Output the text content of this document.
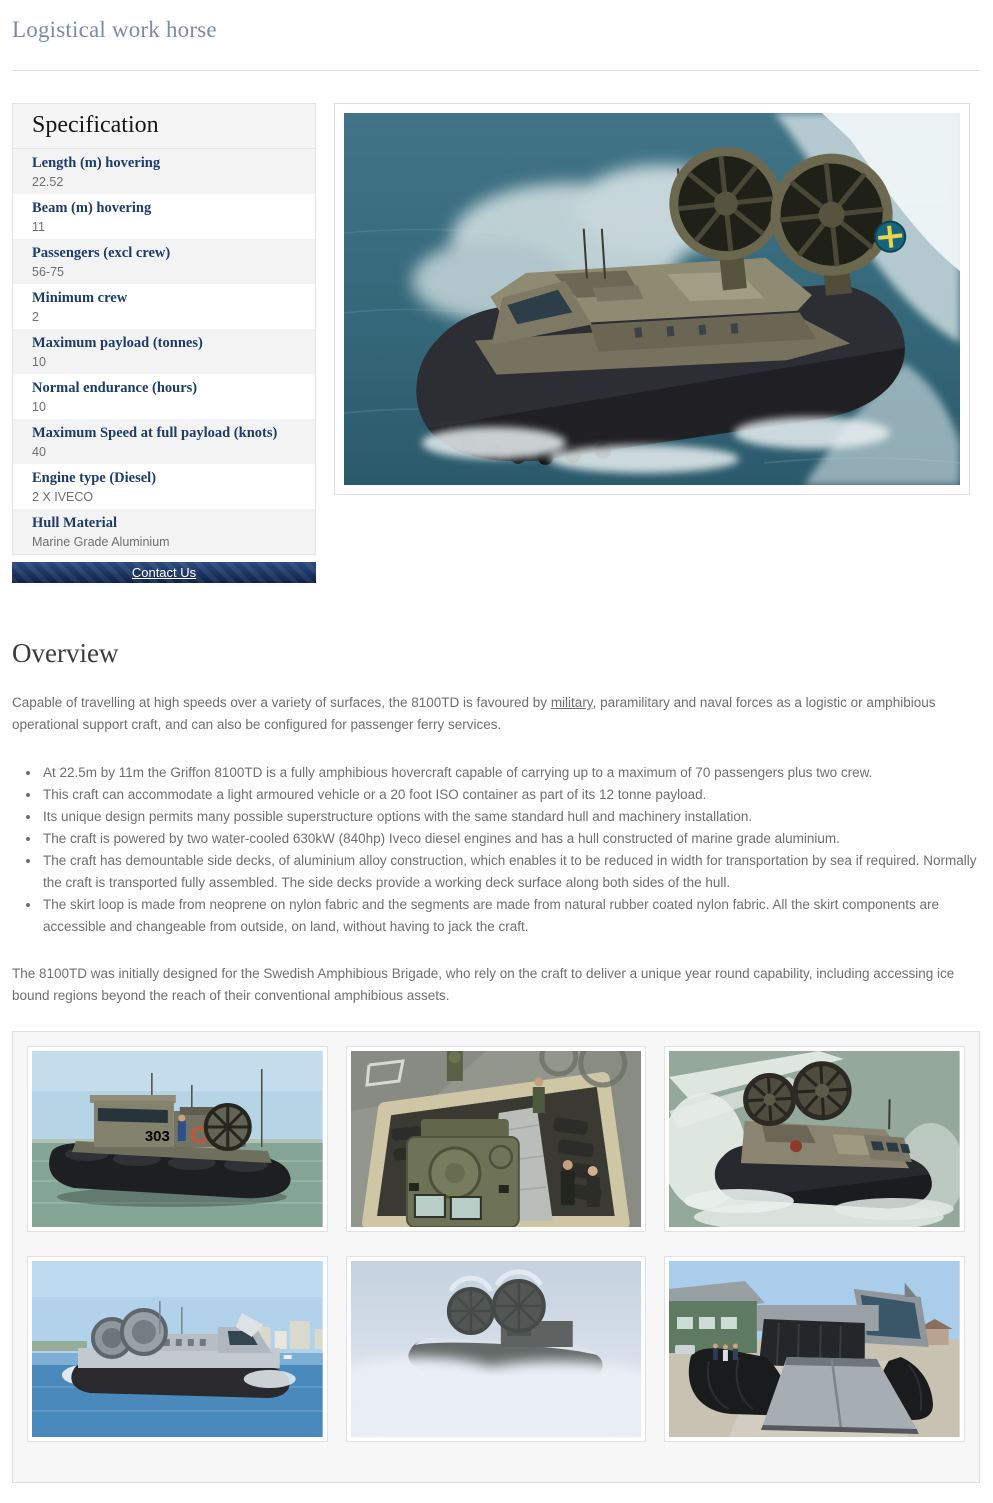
Logistical work horse
Specification
Length (m) hovering
22.52
Beam (m) hovering
11
Passengers (excl crew)
56-75
Minimum crew
2
Maximum payload (tonnes)
10
Normal endurance (hours)
10
Maximum Speed at full payload (knots)
40
Engine type (Diesel)
2 X IVECO
Hull Material
Marine Grade Aluminium
Contact Us
Overview

Capable of travelling at high speeds over a variety of surfaces, the 8100TD is favoured by military, paramilitary and naval forces as a logistic or amphibious operational support craft, and can also be configured for passenger ferry services.

• At 22.5m by 11m the Griffon 8100TD is a fully amphibious hovercraft capable of carrying up to a maximum of 70 passengers plus two crew.
• This craft can accommodate a light armoured vehicle or a 20 foot ISO container as part of its 12 tonne payload.
• Its unique design permits many possible superstructure options with the same standard hull and machinery installation.
• The craft is powered by two water-cooled 630kW (840hp) Iveco diesel engines and has a hull constructed of marine grade aluminium.
• The craft has demountable side decks, of aluminium alloy construction, which enables it to be reduced in width for transportation by sea if required. Normally the craft is transported fully assembled. The side decks provide a working deck surface along both sides of the hull.
• The skirt loop is made from neoprene on nylon fabric and the segments are made from natural rubber coated nylon fabric. All the skirt components are accessible and changeable from outside, on land, without having to jack the craft.

The 8100TD was initially designed for the Swedish Amphibious Brigade, who rely on the craft to deliver a unique year round capability, including accessing ice bound regions beyond the reach of their conventional amphibious assets.

303
